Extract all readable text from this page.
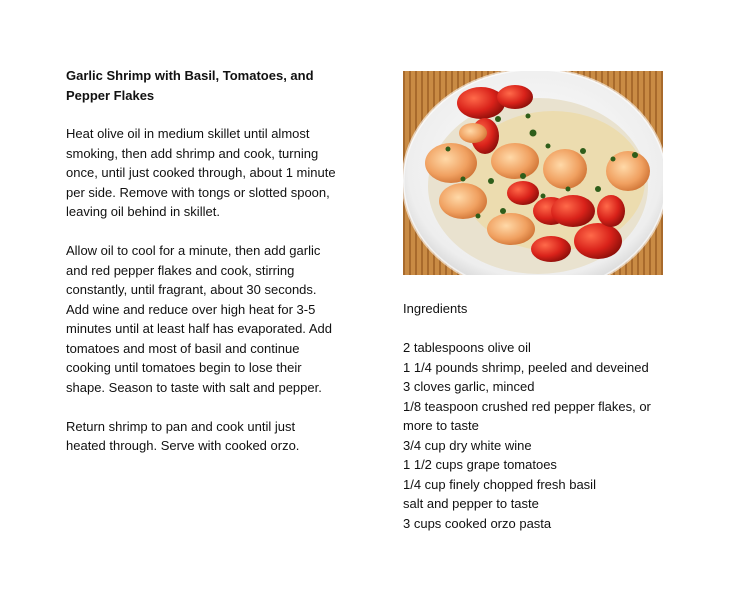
Garlic Shrimp with Basil, Tomatoes, and Pepper Flakes

Heat olive oil in medium skillet until almost smoking, then add shrimp and cook, turning once, until just cooked through, about 1 minute per side. Remove with tongs or slotted spoon, leaving oil behind in skillet.

Allow oil to cool for a minute, then add garlic and red pepper flakes and cook, stirring constantly, until fragrant, about 30 seconds. Add wine and reduce over high heat for 3-5 minutes until at least half has evaporated. Add tomatoes and most of basil and continue cooking until tomatoes begin to lose their shape. Season to taste with salt and pepper.

Return shrimp to pan and cook until just heated through. Serve with cooked orzo.

Ingredients
2 tablespoons olive oil
1 1/4 pounds shrimp, peeled and deveined
3 cloves garlic, minced
1/8 teaspoon crushed red pepper flakes, or more to taste
3/4 cup dry white wine
1 1/2 cups grape tomatoes
1/4 cup finely chopped fresh basil
salt and pepper to taste
3 cups cooked orzo pasta
